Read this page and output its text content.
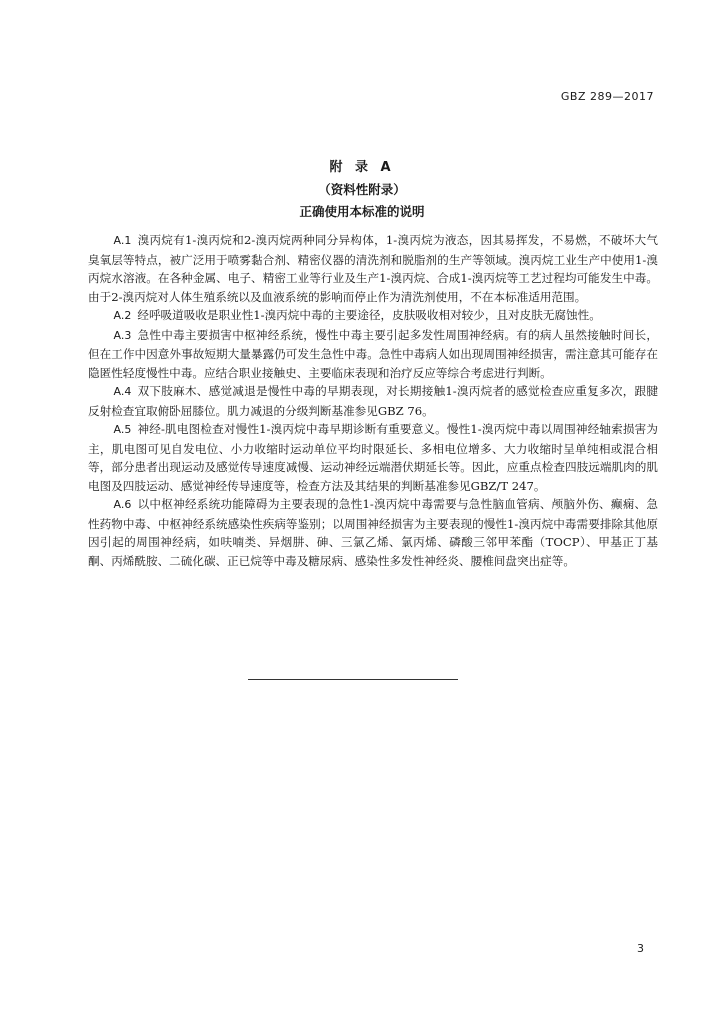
GBZ 289—2017
附 录 A
（资料性附录）
正确使用本标准的说明

A.1 溴丙烷有1-溴丙烷和2-溴丙烷两种同分异构体，1-溴丙烷为液态，因其易挥发，不易燃，不破坏大气臭氧层等特点，被广泛用于喷雾黏合剂、精密仪器的清洗剂和脱脂剂的生产等领域。溴丙烷工业生产中使用1-溴丙烷水溶液。在各种金属、电子、精密工业等行业及生产1-溴丙烷、合成1-溴丙烷等工艺过程均可能发生中毒。由于2-溴丙烷对人体生殖系统以及血液系统的影响而停止作为清洗剂使用，不在本标准适用范围。

A.2 经呼吸道吸收是职业性1-溴丙烷中毒的主要途径，皮肤吸收相对较少，且对皮肤无腐蚀性。

A.3 急性中毒主要损害中枢神经系统，慢性中毒主要引起多发性周围神经病。有的病人虽然接触时间长，但在工作中因意外事故短期大量暴露仍可发生急性中毒。急性中毒病人如出现周围神经损害，需注意其可能存在隐匿性轻度慢性中毒。应结合职业接触史、主要临床表现和治疗反应等综合考虑进行判断。

A.4 双下肢麻木、感觉减退是慢性中毒的早期表现，对长期接触1-溴丙烷者的感觉检查应重复多次，跟腱反射检查宜取俯卧屈膝位。肌力减退的分级判断基准参见GBZ 76。

A.5 神经-肌电图检查对慢性1-溴丙烷中毒早期诊断有重要意义。慢性1-溴丙烷中毒以周围神经轴索损害为主，肌电图可见自发电位、小力收缩时运动单位平均时限延长、多相电位增多、大力收缩时呈单纯相或混合相等，部分患者出现运动及感觉传导速度减慢、运动神经远端潜伏期延长等。因此，应重点检查四肢远端肌肉的肌电图及四肢运动、感觉神经传导速度等，检查方法及其结果的判断基准参见GBZ/T 247。

A.6 以中枢神经系统功能障碍为主要表现的急性1-溴丙烷中毒需要与急性脑血管病、颅脑外伤、癫痫、急性药物中毒、中枢神经系统感染性疾病等鉴别；以周围神经损害为主要表现的慢性1-溴丙烷中毒需要排除其他原因引起的周围神经病，如呋喃类、异烟肼、砷、三氯乙烯、氯丙烯、磷酸三邻甲苯酯（TOCP）、甲基正丁基酮、丙烯酰胺、二硫化碳、正已烷等中毒及糖尿病、感染性多发性神经炎、腰椎间盘突出症等。

3
